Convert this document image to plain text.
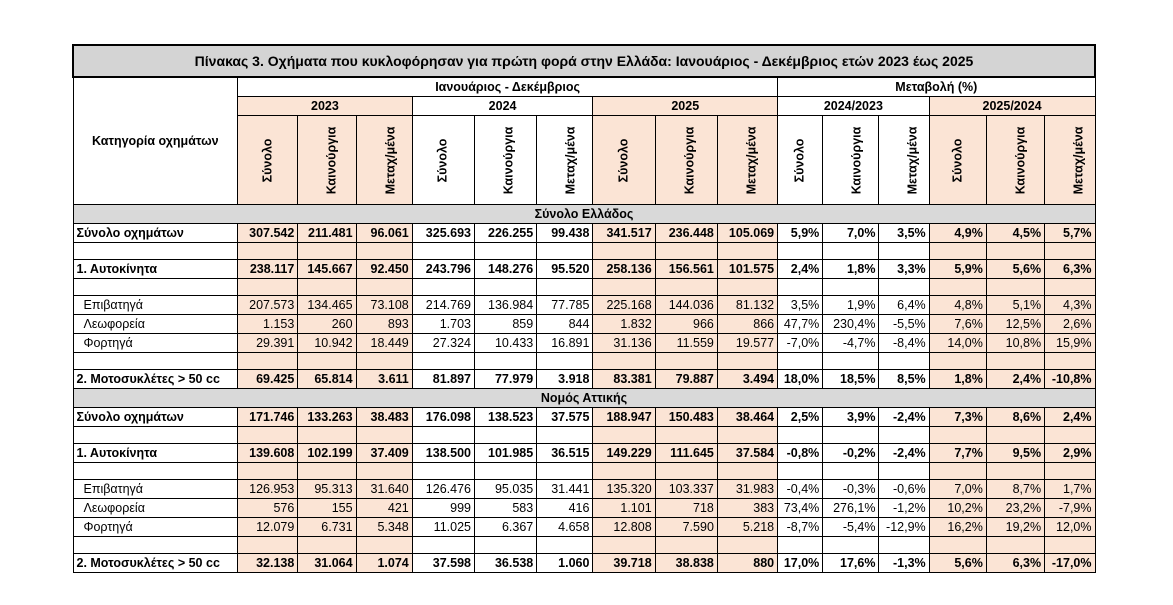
Πίνακας 3. Οχήματα που κυκλοφόρησαν για πρώτη φορά στην Ελλάδα: Ιανουάριος - Δεκέμβριος ετών 2023 έως 2025															
Κατηγορία οχημάτων	Ιανουάριος - Δεκέμβριος									Μεταβολή (%)					
	2023			2024			2025			2024/2023			2025/2024		
	Σύνολο	Καινούργια	Μεταχ/μένα	Σύνολο	Καινούργια	Μεταχ/μένα	Σύνολο	Καινούργια	Μεταχ/μένα	Σύνολο	Καινούργια	Μεταχ/μένα	Σύνολο	Καινούργια	Μεταχ/μένα
Σύνολο Ελλάδος															
Σύνολο οχημάτων	307.542	211.481	96.061	325.693	226.255	99.438	341.517	236.448	105.069	5,9%	7,0%	3,5%	4,9%	4,5%	5,7%

1. Αυτοκίνητα	238.117	145.667	92.450	243.796	148.276	95.520	258.136	156.561	101.575	2,4%	1,8%	3,3%	5,9%	5,6%	6,3%

Επιβατηγά	207.573	134.465	73.108	214.769	136.984	77.785	225.168	144.036	81.132	3,5%	1,9%	6,4%	4,8%	5,1%	4,3%
Λεωφορεία	1.153	260	893	1.703	859	844	1.832	966	866	47,7%	230,4%	-5,5%	7,6%	12,5%	2,6%
Φορτηγά	29.391	10.942	18.449	27.324	10.433	16.891	31.136	11.559	19.577	-7,0%	-4,7%	-8,4%	14,0%	10,8%	15,9%

2. Μοτοσυκλέτες > 50 cc	69.425	65.814	3.611	81.897	77.979	3.918	83.381	79.887	3.494	18,0%	18,5%	8,5%	1,8%	2,4%	-10,8%
Νομός Αττικής															
Σύνολο οχημάτων	171.746	133.263	38.483	176.098	138.523	37.575	188.947	150.483	38.464	2,5%	3,9%	-2,4%	7,3%	8,6%	2,4%

1. Αυτοκίνητα	139.608	102.199	37.409	138.500	101.985	36.515	149.229	111.645	37.584	-0,8%	-0,2%	-2,4%	7,7%	9,5%	2,9%

Επιβατηγά	126.953	95.313	31.640	126.476	95.035	31.441	135.320	103.337	31.983	-0,4%	-0,3%	-0,6%	7,0%	8,7%	1,7%
Λεωφορεία	576	155	421	999	583	416	1.101	718	383	73,4%	276,1%	-1,2%	10,2%	23,2%	-7,9%
Φορτηγά	12.079	6.731	5.348	11.025	6.367	4.658	12.808	7.590	5.218	-8,7%	-5,4%	-12,9%	16,2%	19,2%	12,0%

2. Μοτοσυκλέτες > 50 cc	32.138	31.064	1.074	37.598	36.538	1.060	39.718	38.838	880	17,0%	17,6%	-1,3%	5,6%	6,3%	-17,0%
